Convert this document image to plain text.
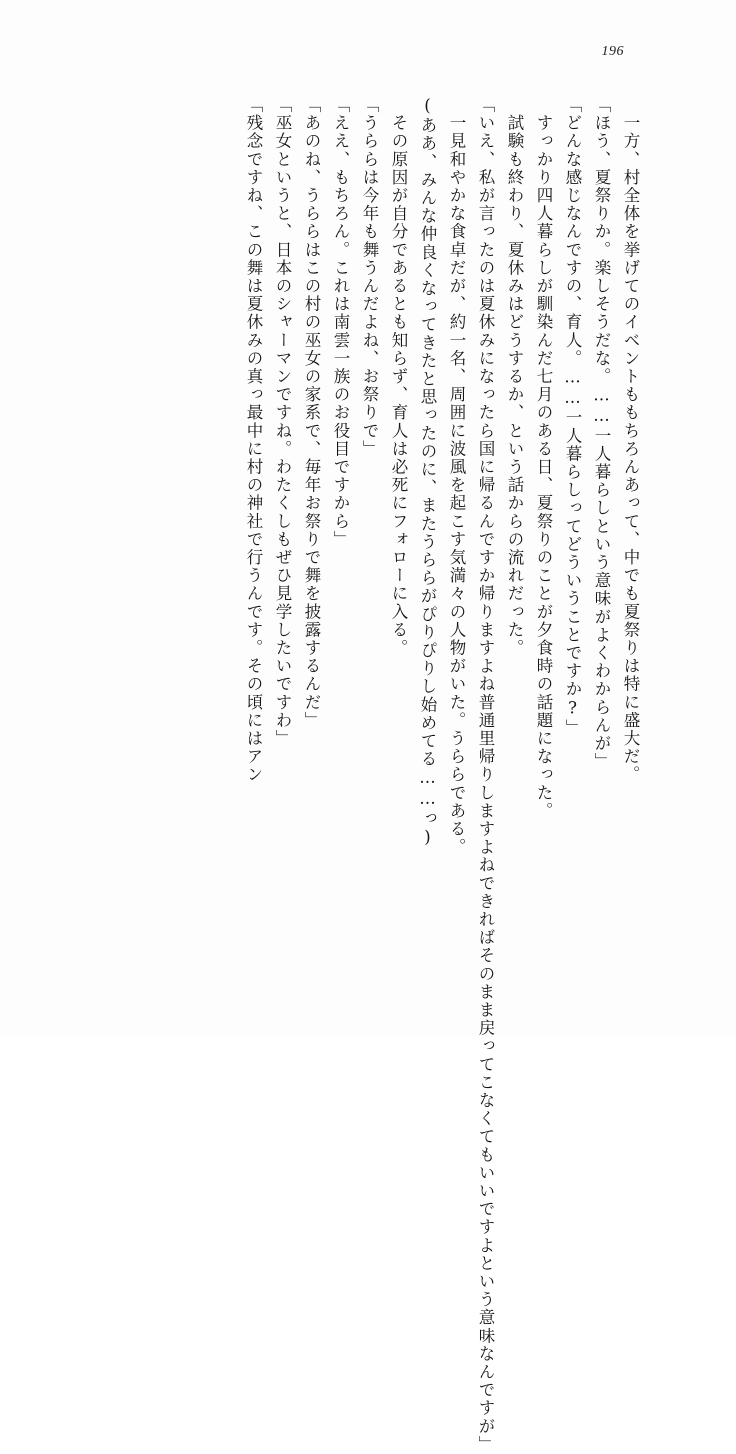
196
　一方、村全体を挙げてのイベントももちろんあって、中でも夏祭りは特に盛大だ。
「ほう、夏祭りか。楽しそうだな。……一人暮らしという意味がよくわからんが」
「どんな感じなんですの、育人。……一人暮らしってどういうことですか?」
　すっかり四人暮らしが馴染んだ七月のある日、夏祭りのことが夕食時の話題になった。
　試験も終わり、夏休みはどうするか、という話からの流れだった。
「いえ、私が言ったのは夏休みになったら国に帰るんですか帰りますよね普通里帰りしますよねできればそのまま戻ってこなくてもいいですよという意味なんですが」
　一見和やかな食卓だが、約一名、周囲に波風を起こす気満々の人物がいた。うららである。
(ああ、みんな仲良くなってきたと思ったのに、またうららがぴりぴりし始めてる……っ)
　その原因が自分であるとも知らず、育人は必死にフォローに入る。
「うららは今年も舞うんだよね、お祭りで」
「ええ、もちろん。これは南雲一族のお役目ですから」
「あのね、うららはこの村の巫女の家系で、毎年お祭りで舞を披露するんだ」
「巫女というと、日本のシャーマンですね。わたくしもぜひ見学したいですわ」
「残念ですね、この舞は夏休みの真っ最中に村の神社で行うんです。その頃にはアン
